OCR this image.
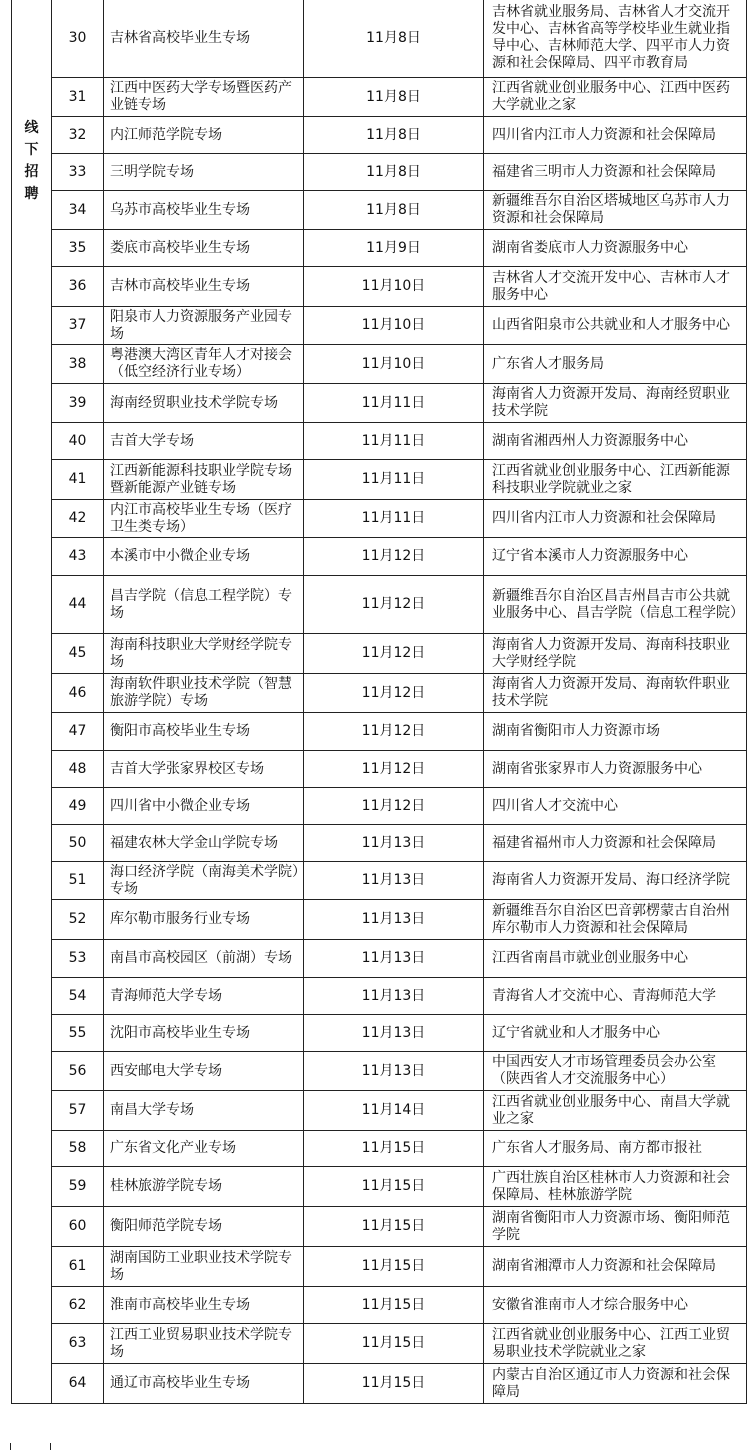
线
下
招
聘	30	吉林省高校毕业生专场	11月8日	吉林省就业服务局、吉林省人才交流开发中心、吉林省高等学校毕业生就业指导中心、吉林师范大学、四平市人力资源和社会保障局、四平市教育局
	31	江西中医药大学专场暨医药产业链专场	11月8日	江西省就业创业服务中心、江西中医药大学就业之家
	32	内江师范学院专场	11月8日	四川省内江市人力资源和社会保障局
	33	三明学院专场	11月8日	福建省三明市人力资源和社会保障局
	34	乌苏市高校毕业生专场	11月8日	新疆维吾尔自治区塔城地区乌苏市人力资源和社会保障局
	35	娄底市高校毕业生专场	11月9日	湖南省娄底市人力资源服务中心
	36	吉林市高校毕业生专场	11月10日	吉林省人才交流开发中心、吉林市人才服务中心
	37	阳泉市人力资源服务产业园专场	11月10日	山西省阳泉市公共就业和人才服务中心
	38	粤港澳大湾区青年人才对接会（低空经济行业专场）	11月10日	广东省人才服务局
	39	海南经贸职业技术学院专场	11月11日	海南省人力资源开发局、海南经贸职业技术学院
	40	吉首大学专场	11月11日	湖南省湘西州人力资源服务中心
	41	江西新能源科技职业学院专场暨新能源产业链专场	11月11日	江西省就业创业服务中心、江西新能源科技职业学院就业之家
	42	内江市高校毕业生专场（医疗卫生类专场）	11月11日	四川省内江市人力资源和社会保障局
	43	本溪市中小微企业专场	11月12日	辽宁省本溪市人力资源服务中心
	44	昌吉学院（信息工程学院）专场	11月12日	新疆维吾尔自治区昌吉州昌吉市公共就业服务中心、昌吉学院（信息工程学院）
	45	海南科技职业大学财经学院专场	11月12日	海南省人力资源开发局、海南科技职业大学财经学院
	46	海南软件职业技术学院（智慧旅游学院）专场	11月12日	海南省人力资源开发局、海南软件职业技术学院
	47	衡阳市高校毕业生专场	11月12日	湖南省衡阳市人力资源市场
	48	吉首大学张家界校区专场	11月12日	湖南省张家界市人力资源服务中心
	49	四川省中小微企业专场	11月12日	四川省人才交流中心
	50	福建农林大学金山学院专场	11月13日	福建省福州市人力资源和社会保障局
	51	海口经济学院（南海美术学院）专场	11月13日	海南省人力资源开发局、海口经济学院
	52	库尔勒市服务行业专场	11月13日	新疆维吾尔自治区巴音郭楞蒙古自治州库尔勒市人力资源和社会保障局
	53	南昌市高校园区（前湖）专场	11月13日	江西省南昌市就业创业服务中心
	54	青海师范大学专场	11月13日	青海省人才交流中心、青海师范大学
	55	沈阳市高校毕业生专场	11月13日	辽宁省就业和人才服务中心
	56	西安邮电大学专场	11月13日	中国西安人才市场管理委员会办公室（陕西省人才交流服务中心）
	57	南昌大学专场	11月14日	江西省就业创业服务中心、南昌大学就业之家
	58	广东省文化产业专场	11月15日	广东省人才服务局、南方都市报社
	59	桂林旅游学院专场	11月15日	广西壮族自治区桂林市人力资源和社会保障局、桂林旅游学院
	60	衡阳师范学院专场	11月15日	湖南省衡阳市人力资源市场、衡阳师范学院
	61	湖南国防工业职业技术学院专场	11月15日	湖南省湘潭市人力资源和社会保障局
	62	淮南市高校毕业生专场	11月15日	安徽省淮南市人才综合服务中心
	63	江西工业贸易职业技术学院专场	11月15日	江西省就业创业服务中心、江西工业贸易职业技术学院就业之家
	64	通辽市高校毕业生专场	11月15日	内蒙古自治区通辽市人力资源和社会保障局
